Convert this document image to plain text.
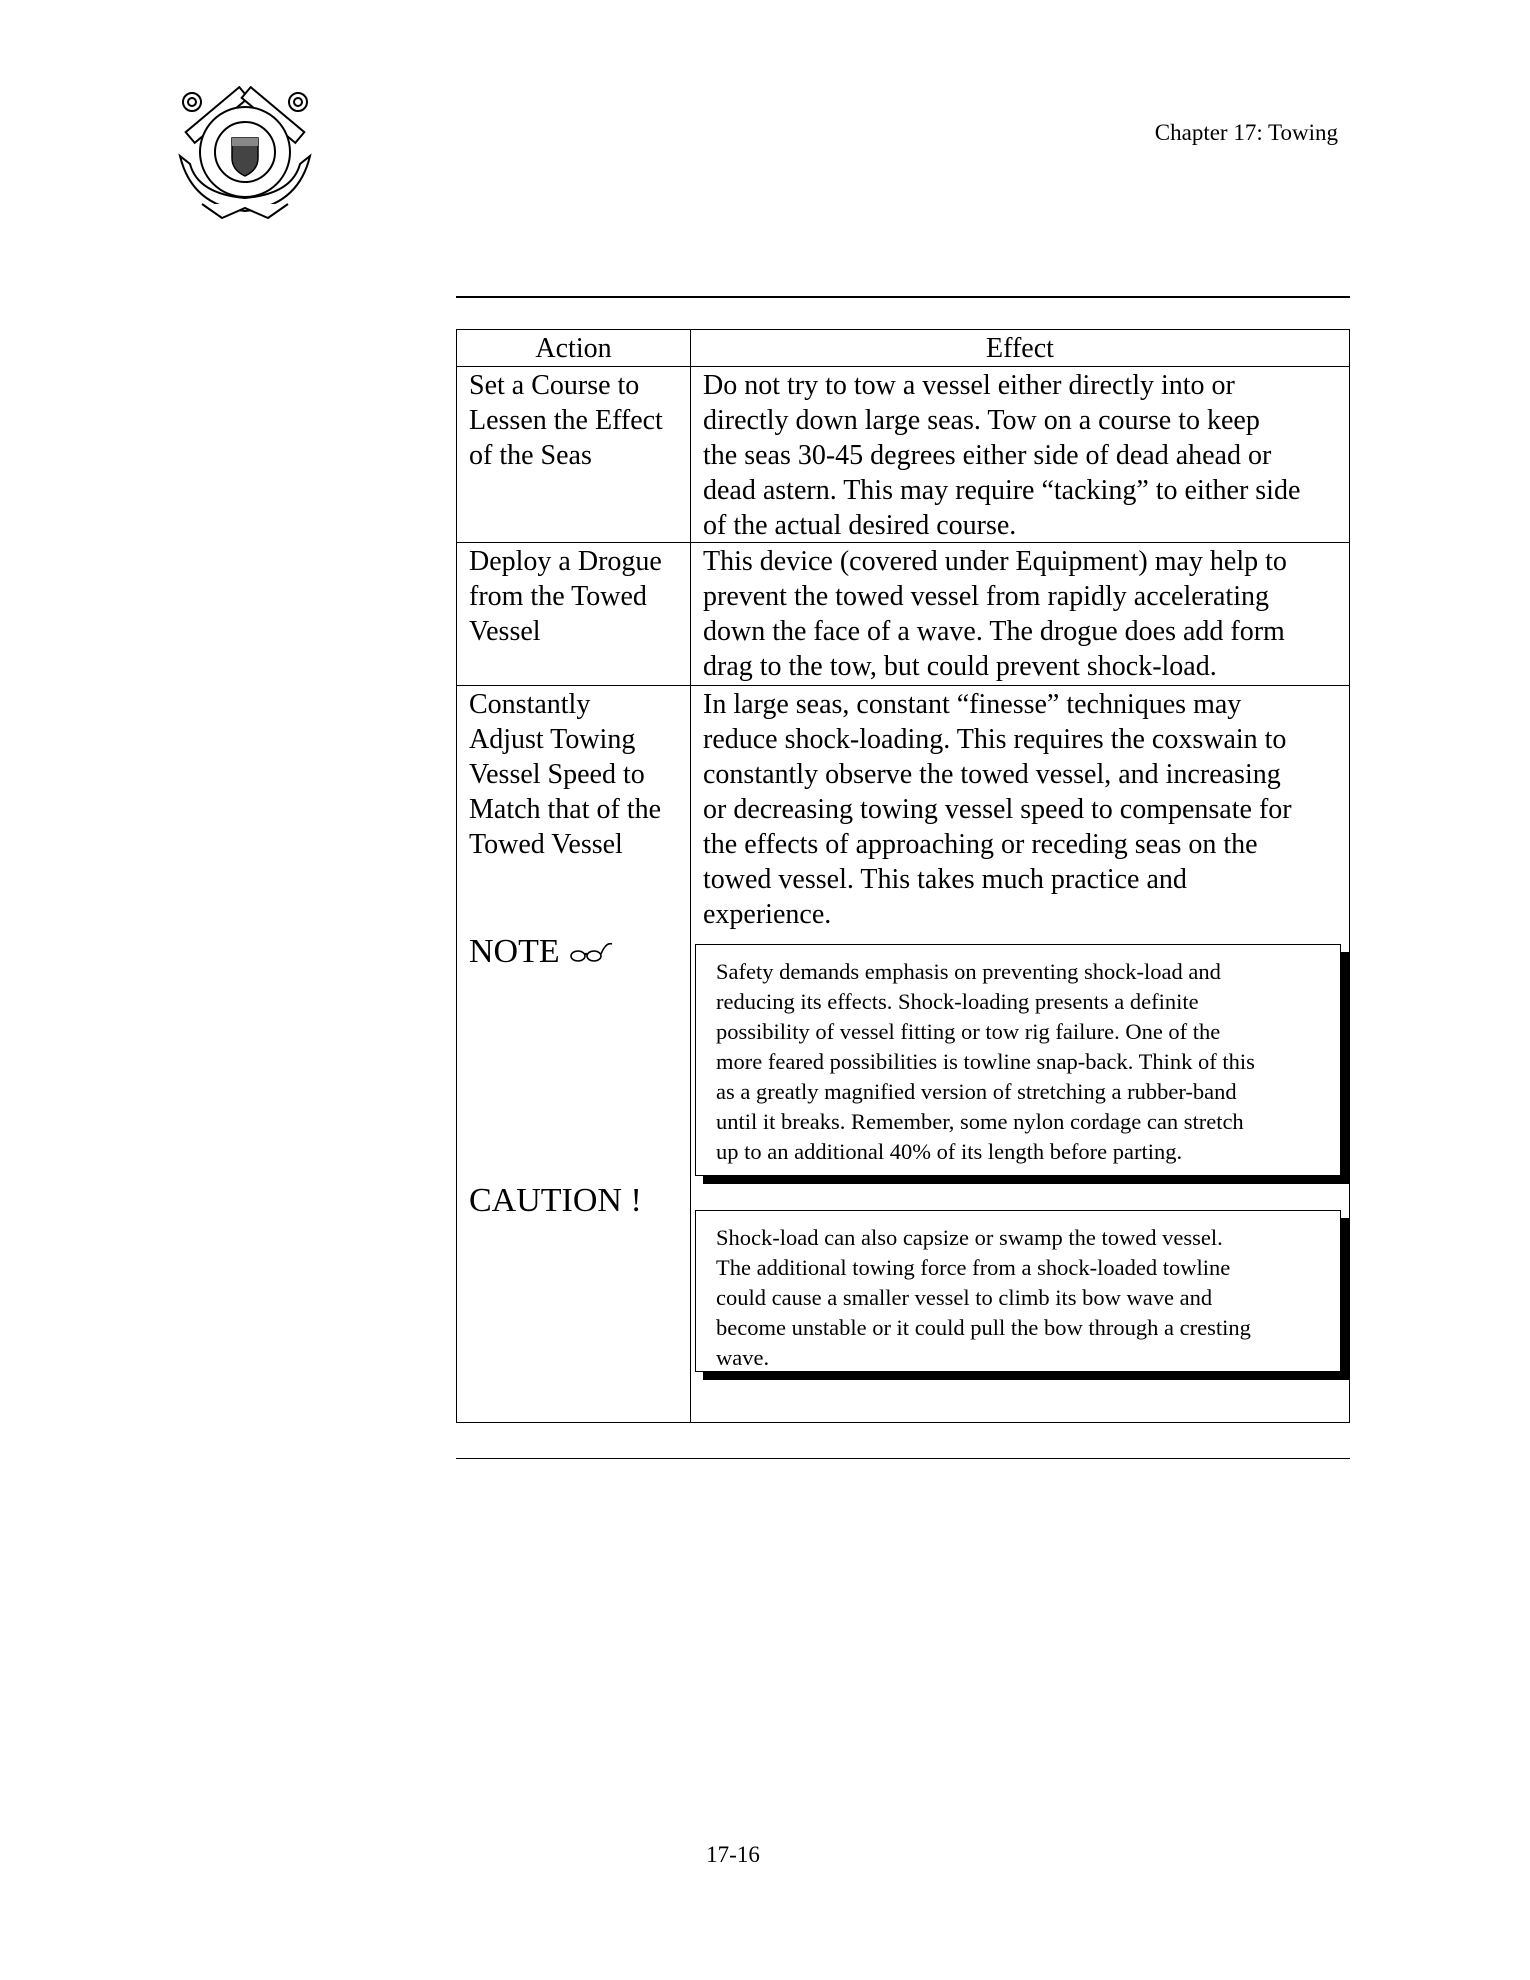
Chapter 17: Towing
Action	Effect
Set a Course to
Lessen the Effect
of the Seas
Do not try to tow a vessel either directly into or
directly down large seas. Tow on a course to keep
the seas 30-45 degrees either side of dead ahead or
dead astern. This may require “tacking” to either side
of the actual desired course.
Deploy a Drogue
from the Towed
Vessel
This device (covered under Equipment) may help to
prevent the towed vessel from rapidly accelerating
down the face of a wave. The drogue does add form
drag to the tow, but could prevent shock-load.
Constantly
Adjust Towing
Vessel Speed to
Match that of the
Towed Vessel
In large seas, constant “finesse” techniques may
reduce shock-loading. This requires the coxswain to
constantly observe the towed vessel, and increasing
or decreasing towing vessel speed to compensate for
the effects of approaching or receding seas on the
towed vessel. This takes much practice and
experience.
NOTE
Safety demands emphasis on preventing shock-load and
reducing its effects. Shock-loading presents a definite
possibility of vessel fitting or tow rig failure. One of the
more feared possibilities is towline snap-back. Think of this
as a greatly magnified version of stretching a rubber-band
until it breaks. Remember, some nylon cordage can stretch
up to an additional 40% of its length before parting.
CAUTION !
Shock-load can also capsize or swamp the towed vessel.
The additional towing force from a shock-loaded towline
could cause a smaller vessel to climb its bow wave and
become unstable or it could pull the bow through a cresting
wave.
17-16
